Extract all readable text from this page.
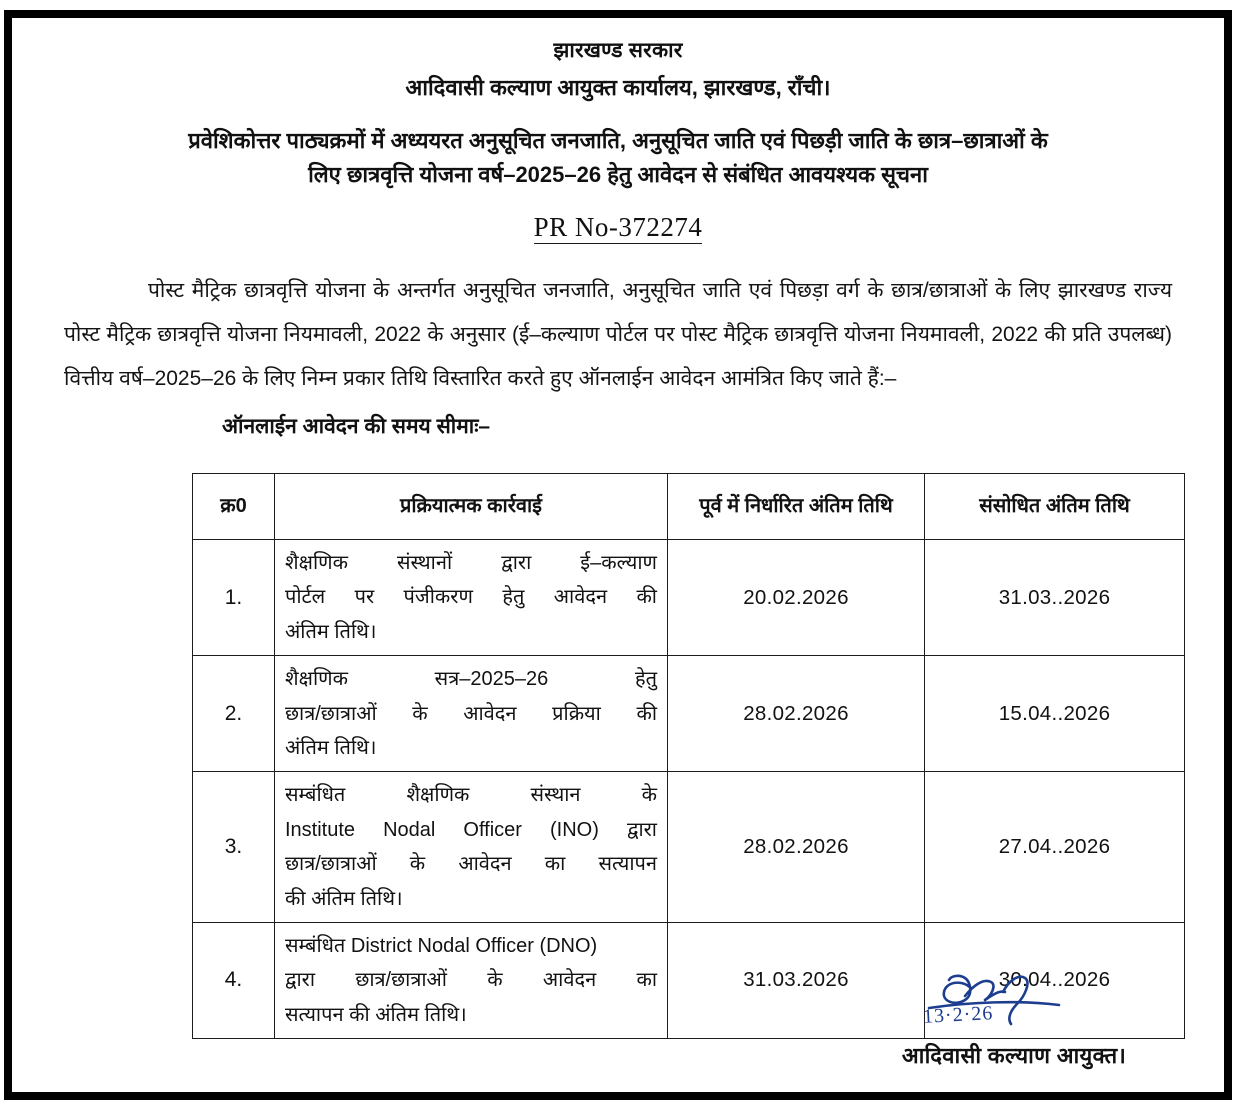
झारखण्ड सरकार
आदिवासी कल्याण आयुक्त कार्यालय, झारखण्ड, राँची।
प्रवेशिकोत्तर पाठ्यक्रमों में अध्ययरत अनुसूचित जनजाति, अनुसूचित जाति एवं पिछड़ी जाति के छात्र–छात्राओं के
लिए छात्रवृत्ति योजना वर्ष–2025–26 हेतु आवेदन से संबंधित आवयश्यक सूचना
PR No-372274
पोस्ट मैट्रिक छात्रवृत्ति योजना के अन्तर्गत अनुसूचित जनजाति, अनुसूचित जाति एवं पिछड़ा वर्ग के छात्र/छात्राओं के लिए झारखण्ड राज्य पोस्ट मैट्रिक छात्रवृत्ति योजना नियमावली, 2022 के अनुसार (ई–कल्याण पोर्टल पर पोस्ट मैट्रिक छात्रवृत्ति योजना नियमावली, 2022 की प्रति उपलब्ध) वित्तीय वर्ष–2025–26 के लिए निम्न प्रकार तिथि विस्तारित करते हुए ऑनलाईन आवेदन आमंत्रित किए जाते हैं:–
ऑनलाईन आवेदन की समय सीमाः–
क्र0	प्रक्रियात्मक कार्रवाई	पूर्व में निर्धारित अंतिम तिथि	संसोधित अंतिम तिथि
1.	शैक्षणिक संस्थानों द्वारा ई–कल्याण
पोर्टल पर पंजीकरण हेतु आवेदन की
अंतिम तिथि।	20.02.2026	31.03..2026
2.	शैक्षणिक सत्र–2025–26 हेतु
छात्र/छात्राओं के आवेदन प्रक्रिया की
अंतिम तिथि।	28.02.2026	15.04..2026
3.	सम्बंधित शैक्षणिक संस्थान के
Institute Nodal Officer (INO) द्वारा
छात्र/छात्राओं के आवेदन का सत्यापन
की अंतिम तिथि।	28.02.2026	27.04..2026
4.	सम्बंधित District Nodal Officer (DNO)
द्वारा छात्र/छात्राओं के आवेदन का
सत्यापन की अंतिम तिथि।	31.03.2026	30.04..2026
13·2·26
आदिवासी कल्याण आयुक्त।
